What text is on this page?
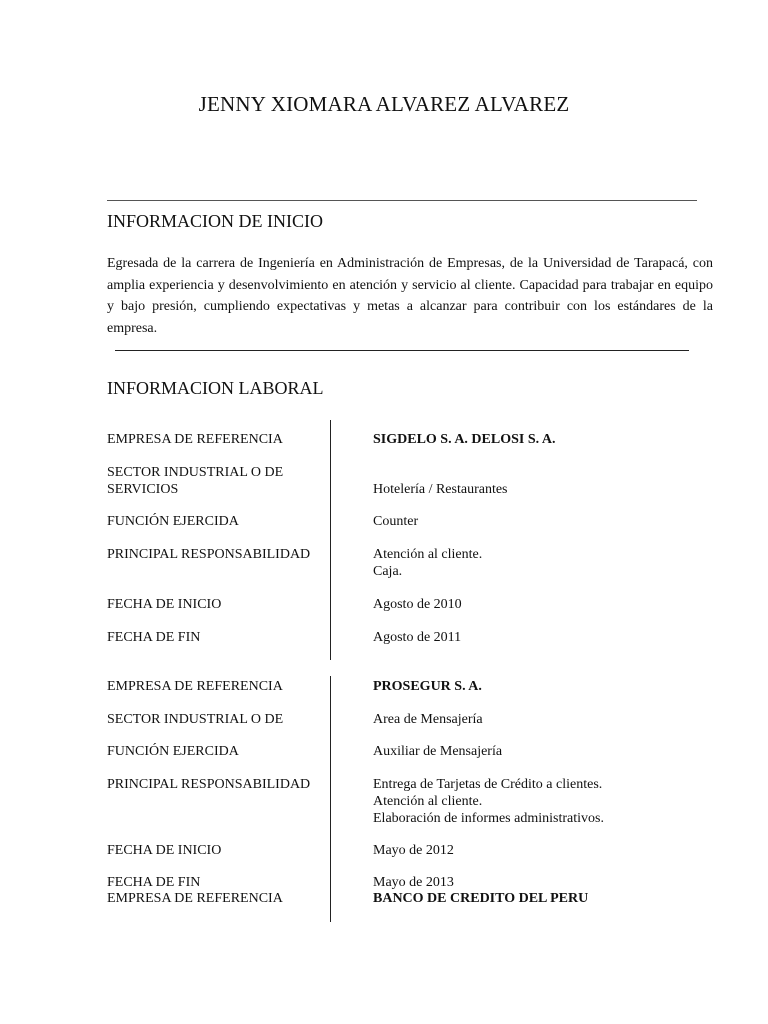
JENNY XIOMARA ALVAREZ ALVAREZ
INFORMACION DE INICIO

Egresada de la carrera de Ingeniería en Administración de Empresas, de la Universidad de Tarapacá, con amplia experiencia y desenvolvimiento en atención y servicio al cliente. Capacidad para trabajar en equipo y bajo presión, cumpliendo expectativas y metas a alcanzar para contribuir con los estándares de la empresa.

INFORMACION LABORAL
EMPRESA DE REFERENCIA	SIGDELO S. A. DELOSI S. A.
SECTOR INDUSTRIAL O DE
SERVICIOS	Hotelería / Restaurantes
FUNCIÓN EJERCIDA	Counter
PRINCIPAL RESPONSABILIDAD	Atención al cliente.
Caja.
FECHA DE INICIO	Agosto de 2010
FECHA DE FIN	Agosto de 2011
EMPRESA DE REFERENCIA	PROSEGUR S. A.
SECTOR INDUSTRIAL O DE	Area de Mensajería
FUNCIÓN EJERCIDA	Auxiliar de Mensajería
PRINCIPAL RESPONSABILIDAD	Entrega de Tarjetas de Crédito a clientes.
Atención al cliente.
Elaboración de informes administrativos.
FECHA DE INICIO	Mayo de 2012
FECHA DE FIN	Mayo de 2013
EMPRESA DE REFERENCIA	BANCO DE CREDITO DEL PERU
